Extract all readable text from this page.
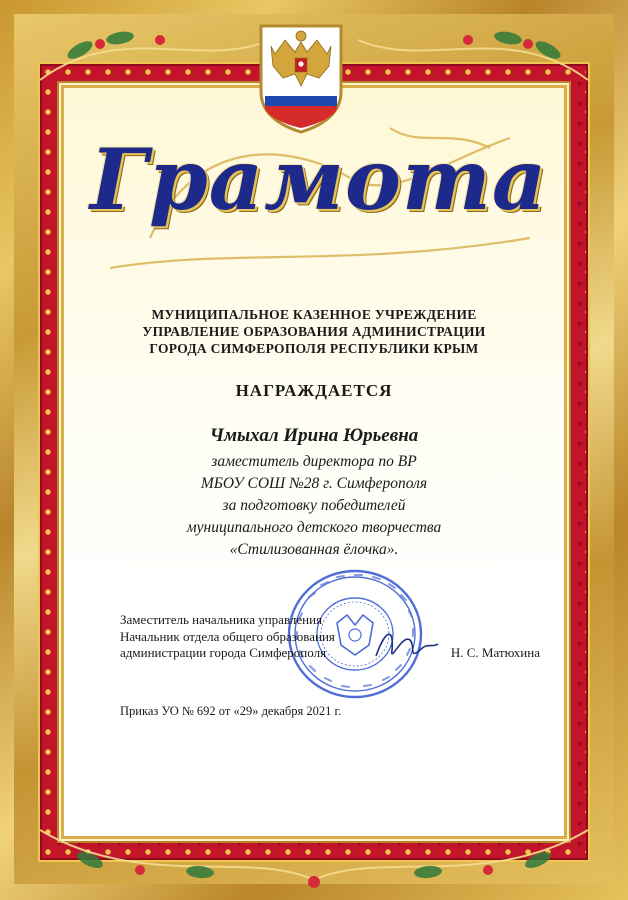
Грамота
МУНИЦИПАЛЬНОЕ КАЗЕННОЕ УЧРЕЖДЕНИЕ
УПРАВЛЕНИЕ ОБРАЗОВАНИЯ АДМИНИСТРАЦИИ
ГОРОДА СИМФЕРОПОЛЯ РЕСПУБЛИКИ КРЫМ
НАГРАЖДАЕТСЯ
Чмыхал Ирина Юрьевна
заместитель директора по ВР
МБОУ СОШ №28 г. Симферополя
за подготовку победителей
муниципального детского творчества
«Стилизованная ёлочка».
Заместитель начальника управления
Начальник отдела общего образования
администрации города Симферополя	Н. С. Матюхина
Приказ УО № 692 от «29» декабря 2021 г.
